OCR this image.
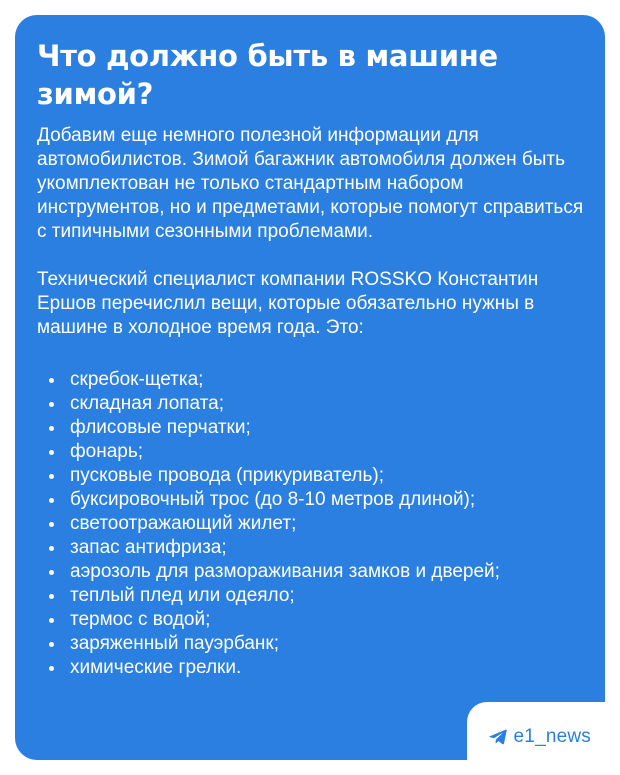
Что должно быть в машине зимой?

Добавим еще немного полезной информации для автомобилистов. Зимой багажник автомобиля должен быть укомплектован не только стандартным набором инструментов, но и предметами, которые помогут справиться с типичными сезонными проблемами.

Технический специалист компании ROSSKO Константин Ершов перечислил вещи, которые обязательно нужны в машине в холодное время года. Это:

скребок-щетка;
складная лопата;
флисовые перчатки;
фонарь;
пусковые провода (прикуриватель);
буксировочный трос (до 8-10 метров длиной);
светоотражающий жилет;
запас антифриза;
аэрозоль для размораживания замков и дверей;
теплый плед или одеяло;
термос с водой;
заряженный пауэрбанк;
химические грелки.
e1_news
